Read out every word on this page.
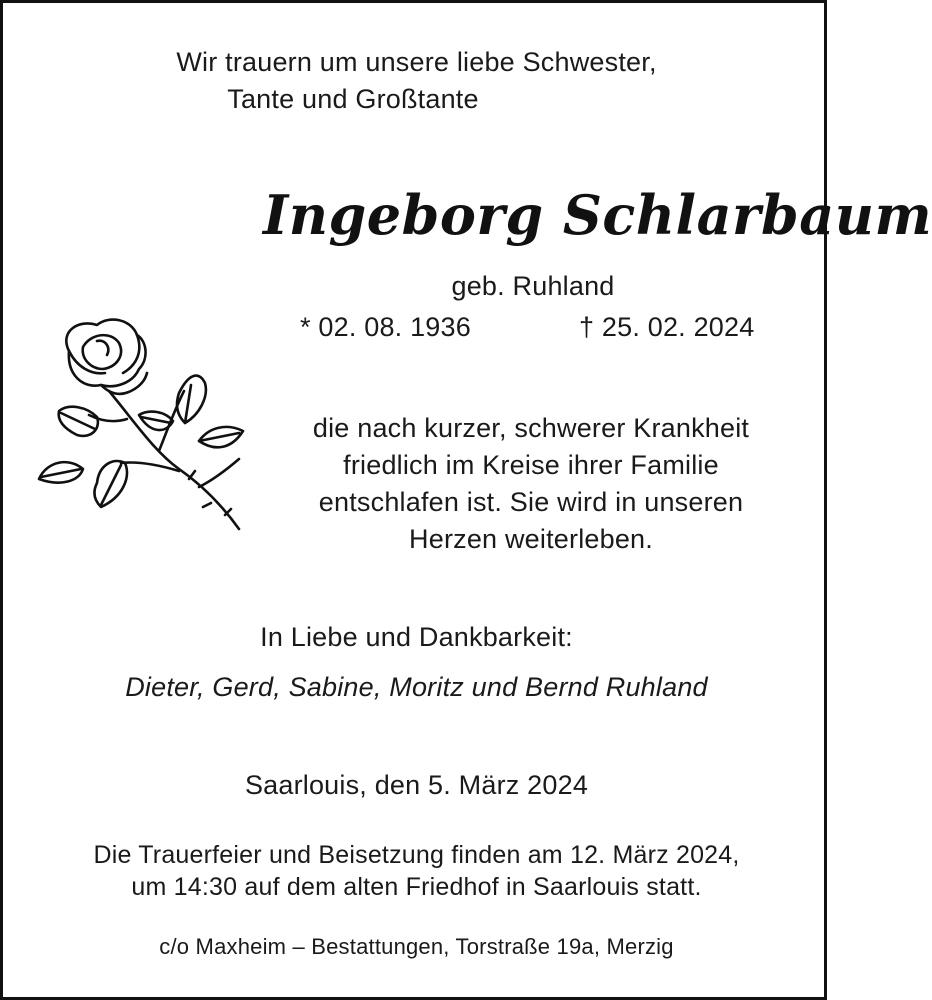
Wir trauern um unsere liebe Schwester,
Tante und Großtante
Ingeborg Schlarbaum
geb. Ruhland
* 02. 08. 1936	† 25. 02. 2024
die nach kurzer, schwerer Krankheit
friedlich im Kreise ihrer Familie
entschlafen ist. Sie wird in unseren
Herzen weiterleben.
In Liebe und Dankbarkeit:
Dieter, Gerd, Sabine, Moritz und Bernd Ruhland
Saarlouis, den 5. März 2024
Die Trauerfeier und Beisetzung finden am 12. März 2024,
um 14:30 auf dem alten Friedhof in Saarlouis statt.
c/o Maxheim – Bestattungen, Torstraße 19a, Merzig
